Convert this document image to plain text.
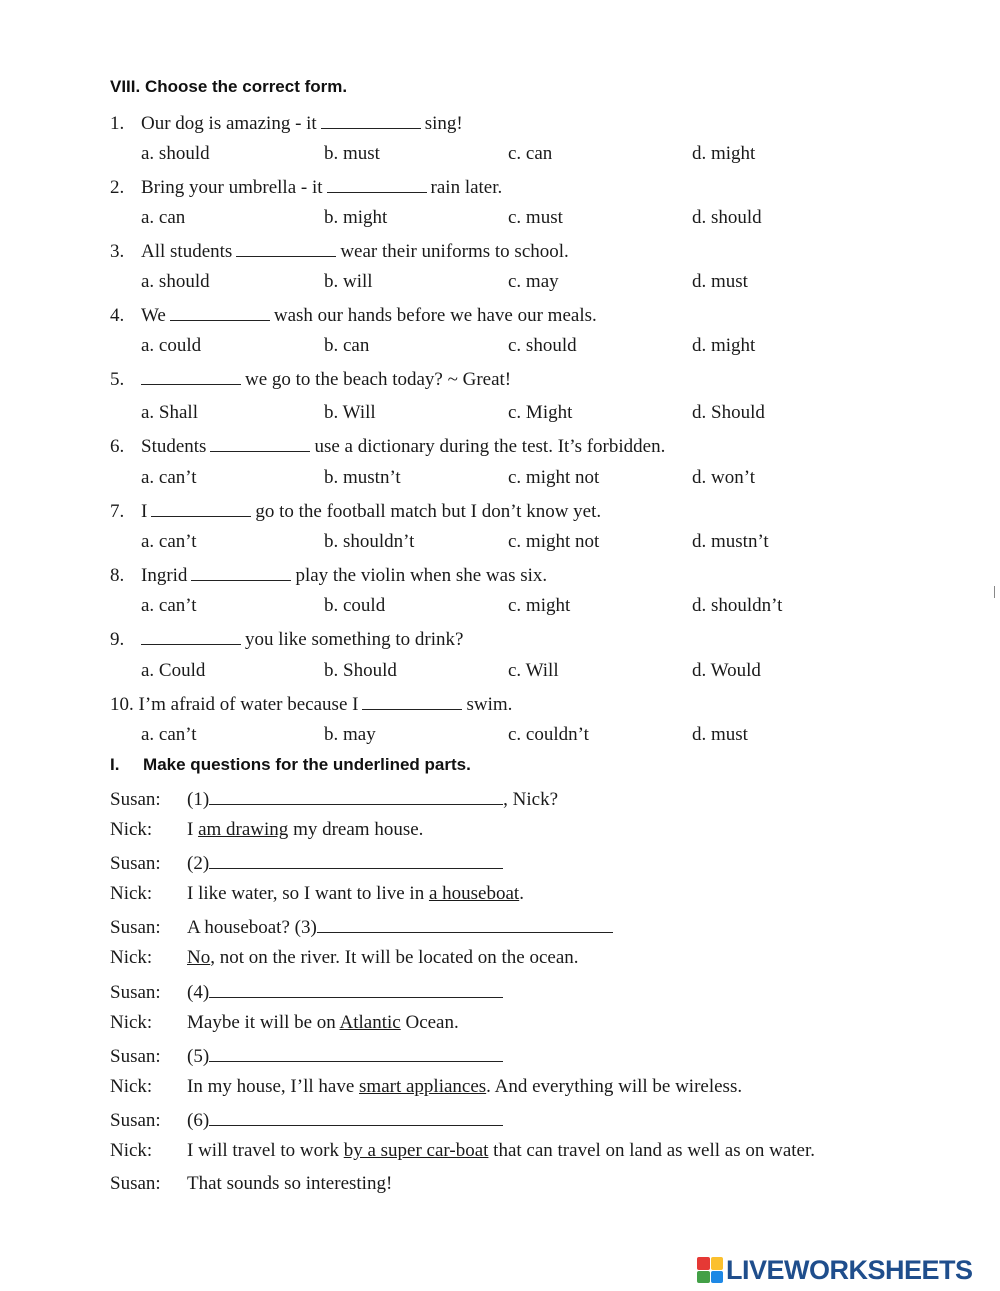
VIII. Choose the correct form.
1. Our dog is amazing - it	sing!
a. should	b. must	c. can	d. might
2. Bring your umbrella - it	rain later.
a. can	b. might	c. must	d. should
3. All students	wear their uniforms to school.
a. should	b. will	c. may	d. must
4. We	wash our hands before we have our meals.
a. could	b. can	c. should	d. might
5.	we go to the beach today? ~ Great!
a. Shall	b. Will	c. Might	d. Should
6. Students	use a dictionary during the test. It’s forbidden.
a. can’t	b. mustn’t	c. might not	d. won’t
7. I	go to the football match but I don’t know yet.
a. can’t	b. shouldn’t	c. might not	d. mustn’t
8. Ingrid	play the violin when she was six.
a. can’t	b. could	c. might	d. shouldn’t
9.	you like something to drink?
a. Could	b. Should	c. Will	d. Would
10. I’m afraid of water because I	swim.
a. can’t	b. may	c. couldn’t	d. must
I.     Make questions for the underlined parts.
Susan: (1)	, Nick?
Nick: I am drawing my dream house.
Susan: (2)
Nick: I like water, so I want to live in a houseboat.
Susan: A houseboat? (3)
Nick: No, not on the river. It will be located on the ocean.
Susan: (4)
Nick: Maybe it will be on Atlantic Ocean.
Susan: (5)
Nick: In my house, I’ll have smart appliances. And everything will be wireless.
Susan: (6)
Nick: I will travel to work by a super car-boat that can travel on land as well as on water.
Susan: That sounds so interesting!
LIVEWORKSHEETS
